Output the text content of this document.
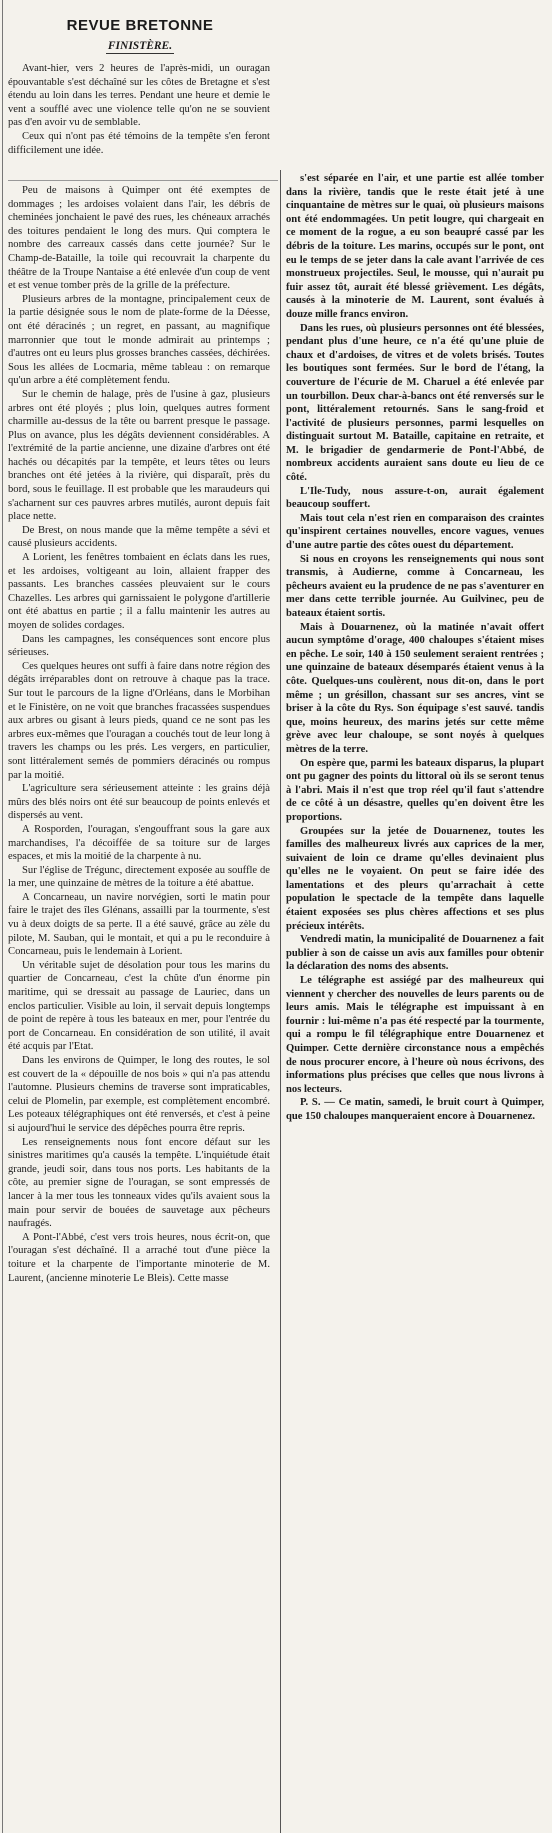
REVUE BRETONNE
FINISTÈRE.

Avant-hier, vers 2 heures de l'après-midi, un ouragan épouvantable s'est déchaîné sur les côtes de Bretagne et s'est étendu au loin dans les terres. Pendant une heure et demie le vent a soufflé avec une violence telle qu'on ne se souvient pas d'en avoir vu de semblable.

Ceux qui n'ont pas été témoins de la tempête s'en feront difficilement une idée.

Peu de maisons à Quimper ont été exemptes de dommages ; les ardoises volaient dans l'air, les débris de cheminées jonchaient le pavé des rues, les chéneaux arrachés des toitures pendaient le long des murs. Qui comptera le nombre des carreaux cassés dans cette journée? Sur le Champ-de-Bataille, la toile qui recouvrait la charpente du théâtre de la Troupe Nantaise a été enlevée d'un coup de vent et est venue tomber près de la grille de la préfecture.

Plusieurs arbres de la montagne, principalement ceux de la partie désignée sous le nom de plate-forme de la Déesse, ont été déracinés ; un regret, en passant, au magnifique marronnier que tout le monde admirait au printemps ; d'autres ont eu leurs plus grosses branches cassées, déchirées. Sous les allées de Locmaria, même tableau : on remarque qu'un arbre a été complètement fendu.

Sur le chemin de halage, près de l'usine à gaz, plusieurs arbres ont été ployés ; plus loin, quelques autres forment charmille au-dessus de la tête ou barrent presque le passage. Plus on avance, plus les dégâts deviennent considérables. A l'extrémité de la partie ancienne, une dizaine d'arbres ont été hachés ou décapités par la tempête, et leurs têtes ou leurs branches ont été jetées à la rivière, qui disparaît, près du bord, sous le feuillage. Il est probable que les maraudeurs qui s'acharnent sur ces pauvres arbres mutilés, auront depuis fait place nette.

De Brest, on nous mande que la même tempête a sévi et causé plusieurs accidents.

A Lorient, les fenêtres tombaient en éclats dans les rues, et les ardoises, voltigeant au loin, allaient frapper des passants. Les branches cassées pleuvaient sur le cours Chazelles. Les arbres qui garnissaient le polygone d'artillerie ont été abattus en partie ; il a fallu maintenir les autres au moyen de solides cordages.

Dans les campagnes, les conséquences sont encore plus sérieuses.

Ces quelques heures ont suffi à faire dans notre région des dégâts irréparables dont on retrouve à chaque pas la trace. Sur tout le parcours de la ligne d'Orléans, dans le Morbihan et le Finistère, on ne voit que branches fracassées suspendues aux arbres ou gisant à leurs pieds, quand ce ne sont pas les arbres eux-mêmes que l'ouragan a couchés tout de leur long à travers les champs ou les prés. Les vergers, en particulier, sont littéralement semés de pommiers déracinés ou rompus par la moitié.

L'agriculture sera sérieusement atteinte : les grains déjà mûrs des blés noirs ont été sur beaucoup de points enlevés et dispersés au vent.

A Rosporden, l'ouragan, s'engouffrant sous la gare aux marchandises, l'a décoiffée de sa toiture sur de larges espaces, et mis la moitié de la charpente à nu.

Sur l'église de Trégunc, directement exposée au souffle de la mer, une quinzaine de mètres de la toiture a été abattue.

A Concarneau, un navire norvégien, sorti le matin pour faire le trajet des îles Glénans, assailli par la tourmente, s'est vu à deux doigts de sa perte. Il a été sauvé, grâce au zèle du pilote, M. Sauban, qui le montait, et qui a pu le reconduire à Concarneau, puis le lendemain à Lorient.

Un véritable sujet de désolation pour tous les marins du quartier de Concarneau, c'est la chûte d'un énorme pin maritime, qui se dressait au passage de Lauriec, dans un enclos particulier. Visible au loin, il servait depuis longtemps de point de repère à tous les bateaux en mer, pour l'entrée du port de Concarneau. En considération de son utilité, il avait été acquis par l'Etat.

Dans les environs de Quimper, le long des routes, le sol est couvert de la « dépouille de nos bois » qui n'a pas attendu l'automne. Plusieurs chemins de traverse sont impraticables, celui de Plomelin, par exemple, est complètement encombré. Les poteaux télégraphiques ont été renversés, et c'est à peine si aujourd'hui le service des dépêches pourra être repris.

Les renseignements nous font encore défaut sur les sinistres maritimes qu'a causés la tempête. L'inquiétude était grande, jeudi soir, dans tous nos ports. Les habitants de la côte, au premier signe de l'ouragan, se sont empressés de lancer à la mer tous les tonneaux vides qu'ils avaient sous la main pour servir de bouées de sauvetage aux pêcheurs naufragés.

A Pont-l'Abbé, c'est vers trois heures, nous écrit-on, que l'ouragan s'est déchaîné. Il a arraché tout d'une pièce la toiture et la charpente de l'importante minoterie de M. Laurent, (ancienne minoterie Le Bleis). Cette masse

s'est séparée en l'air, et une partie est allée tomber dans la rivière, tandis que le reste était jeté à une cinquantaine de mètres sur le quai, où plusieurs maisons ont été endommagées. Un petit lougre, qui chargeait en ce moment de la rogue, a eu son beaupré cassé par les débris de la toiture. Les marins, occupés sur le pont, ont eu le temps de se jeter dans la cale avant l'arrivée de ces monstrueux projectiles. Seul, le mousse, qui n'aurait pu fuir assez tôt, aurait été blessé grièvement. Les dégâts, causés à la minoterie de M. Laurent, sont évalués à douze mille francs environ.

Dans les rues, où plusieurs personnes ont été blessées, pendant plus d'une heure, ce n'a été qu'une pluie de chaux et d'ardoises, de vitres et de volets brisés. Toutes les boutiques sont fermées. Sur le bord de l'étang, la couverture de l'écurie de M. Charuel a été enlevée par un tourbillon. Deux char-à-bancs ont été renversés sur le pont, littéralement retournés. Sans le sang-froid et l'activité de plusieurs personnes, parmi lesquelles on distinguait surtout M. Bataille, capitaine en retraite, et M. le brigadier de gendarmerie de Pont-l'Abbé, de nombreux accidents auraient sans doute eu lieu de ce côté.

L'Ile-Tudy, nous assure-t-on, aurait également beaucoup souffert.

Mais tout cela n'est rien en comparaison des craintes qu'inspirent certaines nouvelles, encore vagues, venues d'une autre partie des côtes ouest du département.

Si nous en croyons les renseignements qui nous sont transmis, à Audierne, comme à Concarneau, les pêcheurs avaient eu la prudence de ne pas s'aventurer en mer dans cette terrible journée. Au Guilvinec, peu de bateaux étaient sortis.

Mais à Douarnenez, où la matinée n'avait offert aucun symptôme d'orage, 400 chaloupes s'étaient mises en pêche. Le soir, 140 à 150 seulement seraient rentrées ; une quinzaine de bateaux désemparés étaient venus à la côte. Quelques-uns coulèrent, nous dit-on, dans le port même ; un grésillon, chassant sur ses ancres, vint se briser à la côte du Rys. Son équipage s'est sauvé. tandis que, moins heureux, des marins jetés sur cette même grève avec leur chaloupe, se sont noyés à quelques mètres de la terre.

On espère que, parmi les bateaux disparus, la plupart ont pu gagner des points du littoral où ils se seront tenus à l'abri. Mais il n'est que trop réel qu'il faut s'attendre de ce côté à un désastre, quelles qu'en doivent être les proportions.

Groupées sur la jetée de Douarnenez, toutes les familles des malheureux livrés aux caprices de la mer, suivaient de loin ce drame qu'elles devinaient plus qu'elles ne le voyaient. On peut se faire idée des lamentations et des pleurs qu'arrachait à cette population le spectacle de la tempête dans laquelle étaient exposées ses plus chères affections et ses plus précieux intérêts.

Vendredi matin, la municipalité de Douarnenez a fait publier à son de caisse un avis aux familles pour obtenir la déclaration des noms des absents.

Le télégraphe est assiégé par des malheureux qui viennent y chercher des nouvelles de leurs parents ou de leurs amis. Mais le télégraphe est impuissant à en fournir : lui-même n'a pas été respecté par la tourmente, qui a rompu le fil télégraphique entre Douarnenez et Quimper. Cette dernière circonstance nous a empêchés de nous procurer encore, à l'heure où nous écrivons, des informations plus précises que celles que nous livrons à nos lecteurs.

P. S. — Ce matin, samedi, le bruit court à Quimper, que 150 chaloupes manqueraient encore à Douarnenez.
